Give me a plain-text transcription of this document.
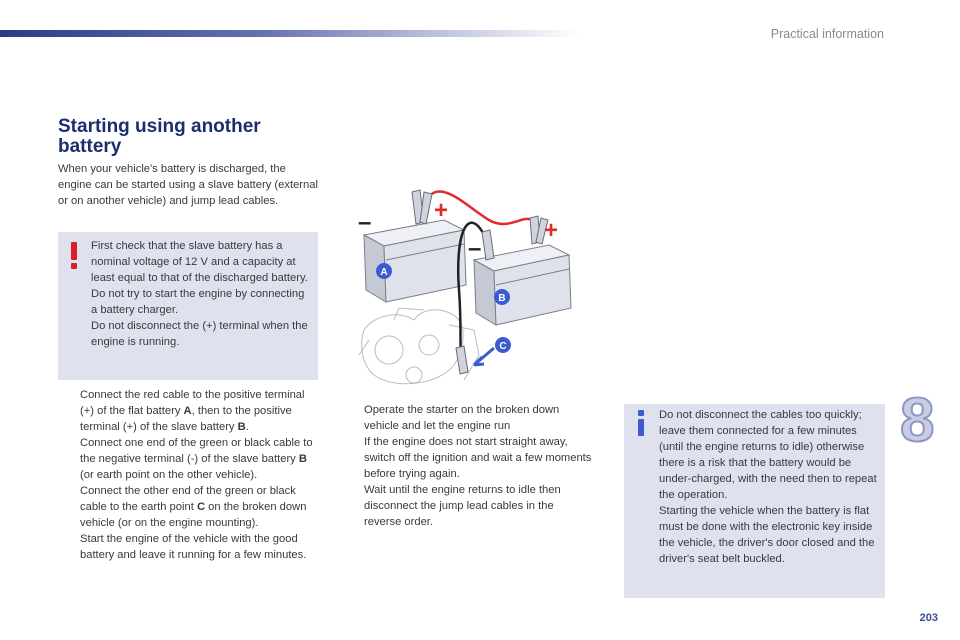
Practical information
Starting using another battery
When your vehicle's battery is discharged, the engine can be started using a slave battery (external or on another vehicle) and jump lead cables.
First check that the slave battery has a nominal voltage of 12 V and a capacity at least equal to that of the discharged battery.
Do not try to start the engine by connecting a battery charger.
Do not disconnect the (+) terminal when the engine is running.
Connect the red cable to the positive terminal (+) of the flat battery A, then to the positive terminal (+) of the slave battery B.
Connect one end of the green or black cable to the negative terminal (-) of the slave battery B (or earth point on the other vehicle).
Connect the other end of the green or black cable to the earth point C on the broken down vehicle (or on the engine mounting).
Start the engine of the vehicle with the good battery and leave it running for a few minutes.
–	+
–
+
A
B
C
Operate the starter on the broken down vehicle and let the engine run
If the engine does not start straight away, switch off the ignition and wait a few moments before trying again.
Wait until the engine returns to idle then disconnect the jump lead cables in the reverse order.
Do not disconnect the cables too quickly; leave them connected for a few minutes (until the engine returns to idle) otherwise there is a risk that the battery would be under-charged, with the need then to repeat the operation.
Starting the vehicle when the battery is flat must be done with the electronic key inside the vehicle, the driver's door closed and the driver's seat belt buckled.
8
203
